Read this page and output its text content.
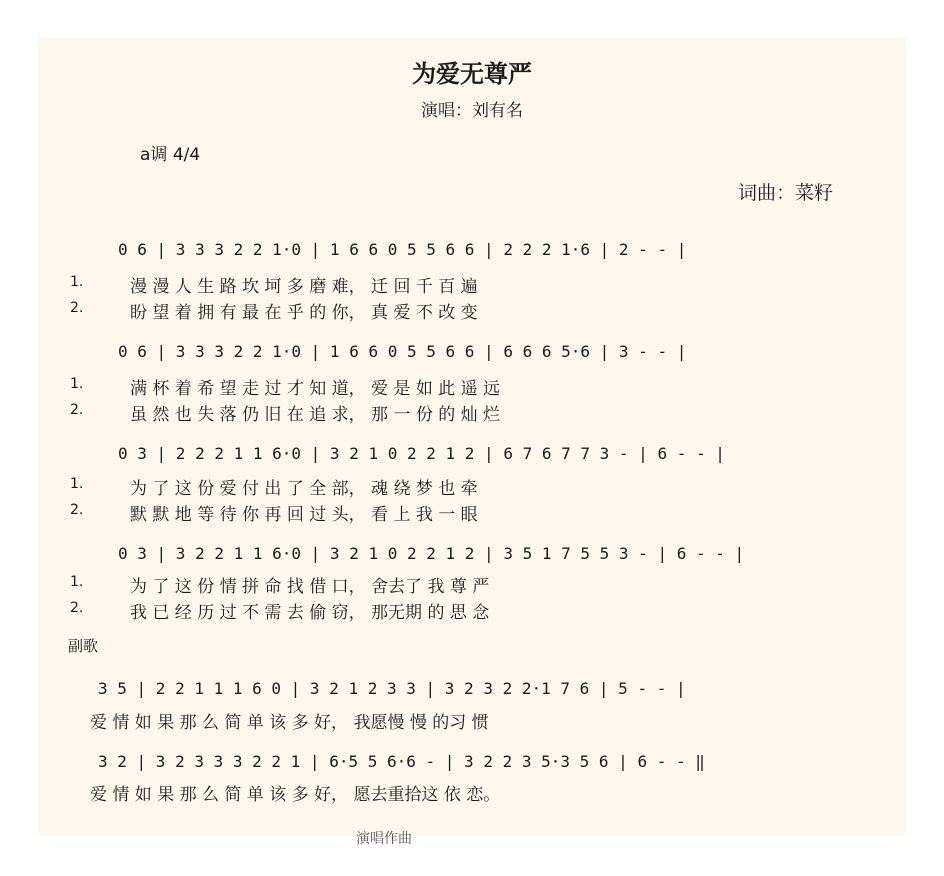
为爱无尊严
演唱：刘有名
a调 4/4
词曲：菜籽
副歌
演唱作曲
0 6 | 3 3 3 2 2 1·0 | 1 6 6 0 5 5 6 6 | 2 2 2 1·6 | 2 - - |
1.
2.
漫 漫 人 生 路 坎 坷 多 磨 难， 迁 回 千 百 遍
盼 望 着 拥 有 最 在 乎 的 你， 真 爱 不 改 变
0 6 | 3 3 3 2 2 1·0 | 1 6 6 0 5 5 6 6 | 6 6 6 5·6 | 3 - - |
1.
2.
满 杯 着 希 望 走 过 才 知 道， 爱 是 如 此 遥 远
虽 然 也 失 落 仍 旧 在 追 求， 那 一 份 的 灿 烂
0 3 | 2 2 2 1 1 6·0 | 3 2 1 0 2 2 1 2 | 6 7 6 7 7 3 - | 6 - - |
1.
2.
为 了 这 份 爱 付 出 了 全 部， 魂 绕 梦 也 牵
默 默 地 等 待 你 再 回 过 头， 看 上 我 一 眼
0 3 | 3 2 2 1 1 6·0 | 3 2 1 0 2 2 1 2 | 3 5 1 7 5 5 3 - | 6 - - |
1.
2.
为 了 这 份 情 拼 命 找 借 口， 舍去了 我 尊 严
我 已 经 历 过 不 需 去 偷 窃， 那无期 的 思 念
3 5 | 2 2 1 1 1 6 0 | 3 2 1 2 3 3 | 3 2 3 2 2·1 7 6 | 5 - - |
爱 情 如 果 那 么 简 单 该 多 好， 我愿慢 慢 的习 惯
3 2 | 3 2 3 3 3 2 2 1 | 6·5 5 6·6 - | 3 2 2 3 5·3 5 6 | 6 - - ‖
爱 情 如 果 那 么 简 单 该 多 好， 愿去重拾这 依 恋。
